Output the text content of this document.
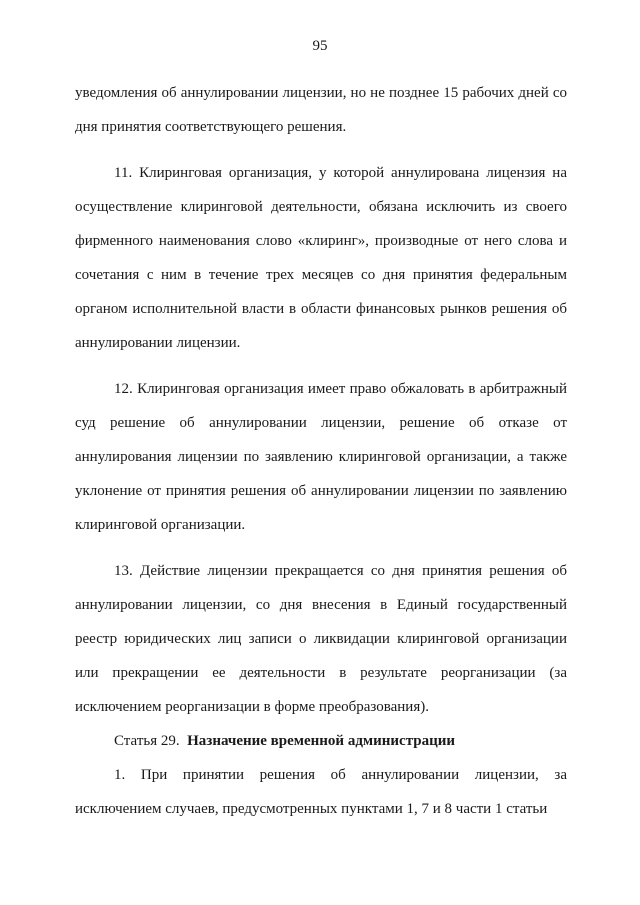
95

уведомления об аннулировании лицензии, но не позднее 15 рабочих дней со дня принятия соответствующего решения.

11. Клиринговая организация, у которой аннулирована лицензия на осуществление клиринговой деятельности, обязана исключить из своего фирменного наименования слово «клиринг», производные от него слова и сочетания с ним в течение трех месяцев со дня принятия федеральным органом исполнительной власти в области финансовых рынков решения об аннулировании лицензии.

12. Клиринговая организация имеет право обжаловать в арбитражный суд решение об аннулировании лицензии, решение об отказе от аннулирования лицензии по заявлению клиринговой организации, а также уклонение от принятия решения об аннулировании лицензии по заявлению клиринговой организации.

13. Действие лицензии прекращается со дня принятия решения об аннулировании лицензии, со дня внесения в Единый государственный реестр юридических лиц записи о ликвидации клиринговой организации или прекращении ее деятельности в результате реорганизации (за исключением реорганизации в форме преобразования).

Статья 29. Назначение временной администрации

1. При принятии решения об аннулировании лицензии, за исключением случаев, предусмотренных пунктами 1, 7 и 8 части 1 статьи
